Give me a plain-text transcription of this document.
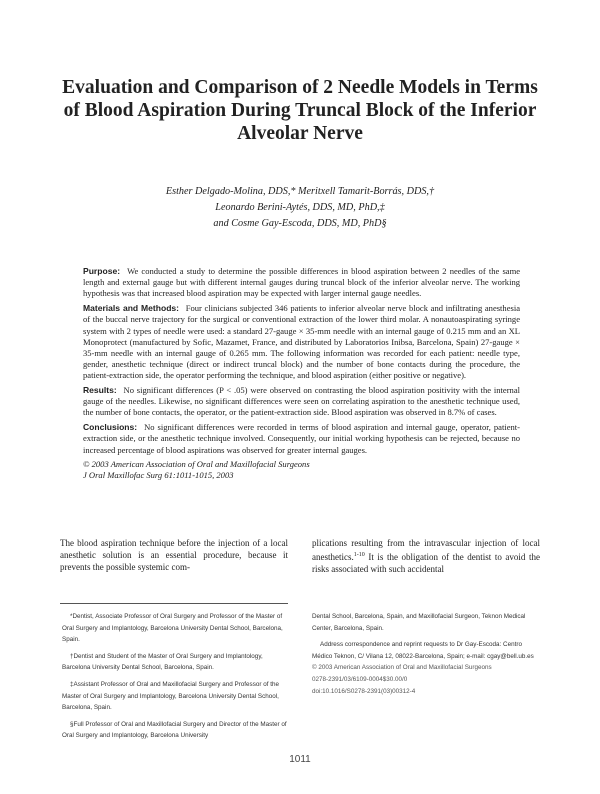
Evaluation and Comparison of 2 Needle Models in Terms of Blood Aspiration During Truncal Block of the Inferior Alveolar Nerve
Esther Delgado-Molina, DDS,* Meritxell Tamarit-Borrás, DDS,†
Leonardo Berini-Aytés, DDS, MD, PhD,‡
and Cosme Gay-Escoda, DDS, MD, PhD§

Purpose: We conducted a study to determine the possible differences in blood aspiration between 2 needles of the same length and external gauge but with different internal gauges during truncal block of the inferior alveolar nerve. The working hypothesis was that increased blood aspiration may be expected with larger internal gauge needles.

Materials and Methods: Four clinicians subjected 346 patients to inferior alveolar nerve block and infiltrating anesthesia of the buccal nerve trajectory for the surgical or conventional extraction of the lower third molar. A nonautoaspirating syringe system with 2 types of needle were used: a standard 27-gauge × 35-mm needle with an internal gauge of 0.215 mm and an XL Monoprotect (manufactured by Sofic, Mazamet, France, and distributed by Laboratorios Inibsa, Barcelona, Spain) 27-gauge × 35-mm needle with an internal gauge of 0.265 mm. The following information was recorded for each patient: needle type, gender, anesthetic technique (direct or indirect truncal block) and the number of bone contacts during the procedure, the patient-extraction side, the operator performing the technique, and blood aspiration (either positive or negative).

Results: No significant differences (P < .05) were observed on contrasting the blood aspiration positivity with the internal gauge of the needles. Likewise, no significant differences were seen on correlating aspiration to the anesthetic technique used, the number of bone contacts, the operator, or the patient-extraction side. Blood aspiration was observed in 8.7% of cases.

Conclusions: No significant differences were recorded in terms of blood aspiration and internal gauge, operator, patient-extraction side, or the anesthetic technique involved. Consequently, our initial working hypothesis can be rejected, because no increased percentage of blood aspirations was observed for greater internal gauges.

© 2003 American Association of Oral and Maxillofacial Surgeons

J Oral Maxillofac Surg 61:1011-1015, 2003

The blood aspiration technique before the injection of a local anesthetic solution is an essential procedure, because it prevents the possible systemic com-
plications resulting from the intravascular injection of local anesthetics.$^{1-10}$ It is the obligation of the dentist to avoid the risks associated with such accidental

*Dentist, Associate Professor of Oral Surgery and Professor of the Master of Oral Surgery and Implantology, Barcelona University Dental School, Barcelona, Spain.

†Dentist and Student of the Master of Oral Surgery and Implantology, Barcelona University Dental School, Barcelona, Spain.

‡Assistant Professor of Oral and Maxillofacial Surgery and Professor of the Master of Oral Surgery and Implantology, Barcelona University Dental School, Barcelona, Spain.

§Full Professor of Oral and Maxillofacial Surgery and Director of the Master of Oral Surgery and Implantology, Barcelona University

Dental School, Barcelona, Spain, and Maxillofacial Surgeon, Teknon Medical Center, Barcelona, Spain.

Address correspondence and reprint requests to Dr Gay-Escoda: Centro Médico Teknon, C/ Vilana 12, 08022-Barcelona, Spain; e-mail: cgay@bell.ub.es

© 2003 American Association of Oral and Maxillofacial Surgeons

0278-2391/03/6109-0004$30.00/0

doi:10.1016/S0278-2391(03)00312-4

1011
